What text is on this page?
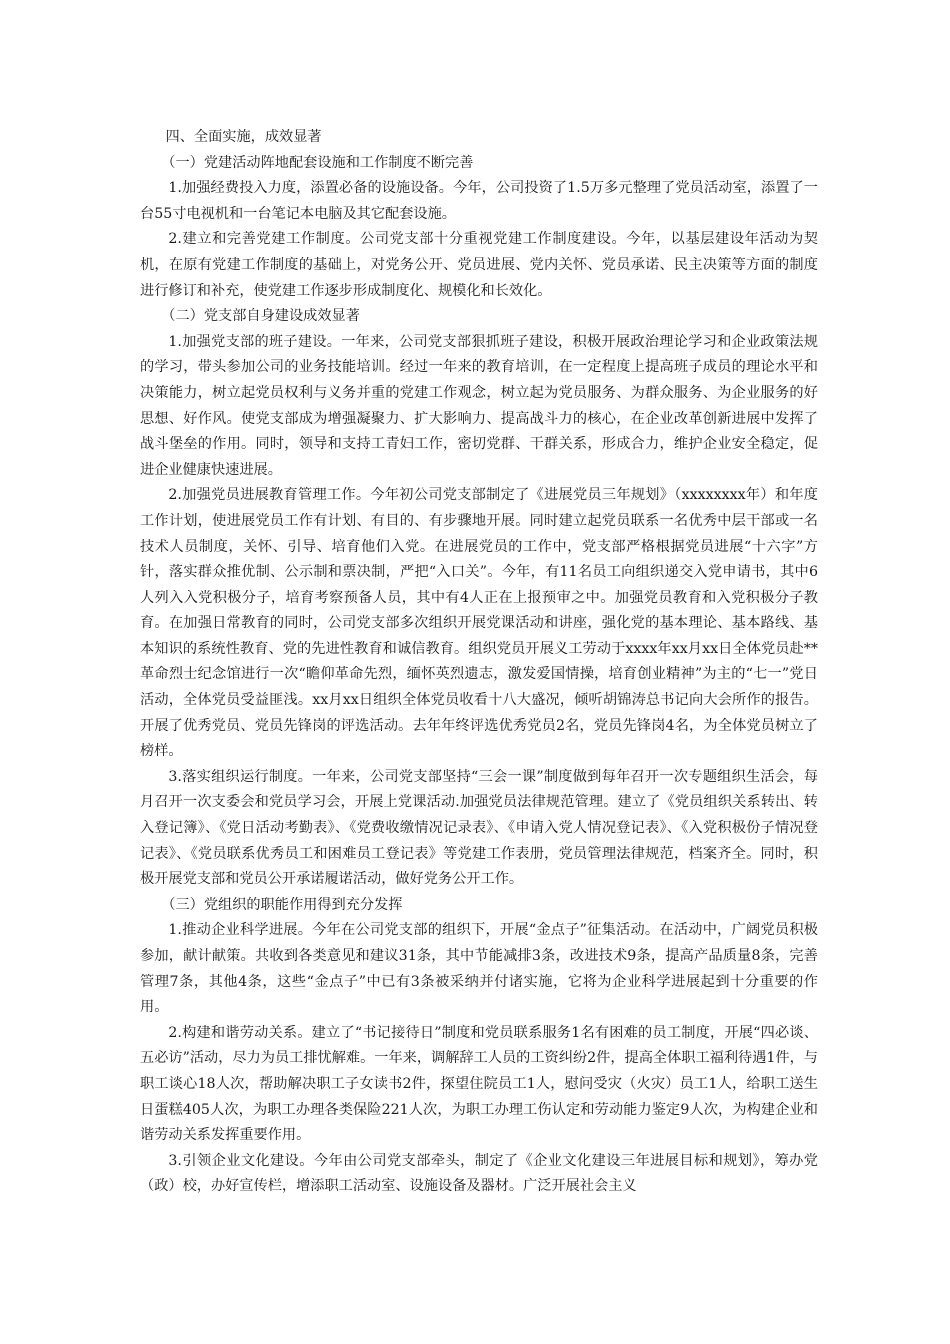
四、全面实施，成效显著

（一）党建活动阵地配套设施和工作制度不断完善

1.加强经费投入力度，添置必备的设施设备。今年，公司投资了1.5万多元整理了党员活动室，添置了一台55寸电视机和一台笔记本电脑及其它配套设施。

2.建立和完善党建工作制度。公司党支部十分重视党建工作制度建设。今年，以基层建设年活动为契机，在原有党建工作制度的基础上，对党务公开、党员进展、党内关怀、党员承诺、民主决策等方面的制度进行修订和补充，使党建工作逐步形成制度化、规模化和长效化。

（二）党支部自身建设成效显著

1.加强党支部的班子建设。一年来，公司党支部狠抓班子建设，积极开展政治理论学习和企业政策法规的学习，带头参加公司的业务技能培训。经过一年来的教育培训，在一定程度上提高班子成员的理论水平和决策能力，树立起党员权利与义务并重的党建工作观念，树立起为党员服务、为群众服务、为企业服务的好思想、好作风。使党支部成为增强凝聚力、扩大影响力、提高战斗力的核心，在企业改革创新进展中发挥了战斗堡垒的作用。同时，领导和支持工青妇工作，密切党群、干群关系，形成合力，维护企业安全稳定，促进企业健康快速进展。

2.加强党员进展教育管理工作。今年初公司党支部制定了《进展党员三年规划》（xxxxxxxx年）和年度工作计划，使进展党员工作有计划、有目的、有步骤地开展。同时建立起党员联系一名优秀中层干部或一名技术人员制度，关怀、引导、培育他们入党。在进展党员的工作中，党支部严格根据党员进展“十六字”方针，落实群众推优制、公示制和票决制，严把“入口关”。今年，有11名员工向组织递交入党申请书，其中6人列入入党积极分子，培育考察预备人员，其中有4人正在上报预审之中。加强党员教育和入党积极分子教育。在加强日常教育的同时，公司党支部多次组织开展党课活动和讲座，强化党的基本理论、基本路线、基本知识的系统性教育、党的先进性教育和诚信教育。组织党员开展义工劳动于xxxx年xx月xx日全体党员赴**革命烈士纪念馆进行一次“瞻仰革命先烈，缅怀英烈遗志，激发爱国情操，培育创业精神”为主的“七一”党日活动，全体党员受益匪浅。xx月xx日组织全体党员收看十八大盛况，倾听胡锦涛总书记向大会所作的报告。开展了优秀党员、党员先锋岗的评选活动。去年年终评选优秀党员2名，党员先锋岗4名，为全体党员树立了榜样。

3.落实组织运行制度。一年来，公司党支部坚持“三会一课”制度做到每年召开一次专题组织生活会，每月召开一次支委会和党员学习会，开展上党课活动.加强党员法律规范管理。建立了《党员组织关系转出、转入登记簿》、《党日活动考勤表》、《党费收缴情况记录表》、《申请入党人情况登记表》、《入党积极份子情况登记表》、《党员联系优秀员工和困难员工登记表》等党建工作表册，党员管理法律规范，档案齐全。同时，积极开展党支部和党员公开承诺履诺活动，做好党务公开工作。

（三）党组织的职能作用得到充分发挥

1.推动企业科学进展。今年在公司党支部的组织下，开展“金点子”征集活动。在活动中，广阔党员积极参加，献计献策。共收到各类意见和建议31条，其中节能减排3条，改进技术9条，提高产品质量8条，完善管理7条，其他4条，这些“金点子”中已有3条被采纳并付诸实施，它将为企业科学进展起到十分重要的作用。

2.构建和谐劳动关系。建立了“书记接待日”制度和党员联系服务1名有困难的员工制度，开展“四必谈、五必访”活动，尽力为员工排忧解难。一年来，调解辞工人员的工资纠纷2件，提高全体职工福利待遇1件，与职工谈心18人次，帮助解决职工子女读书2件，探望住院员工1人，慰问受灾（火灾）员工1人，给职工送生日蛋糕405人次，为职工办理各类保险221人次，为职工办理工伤认定和劳动能力鉴定9人次，为构建企业和谐劳动关系发挥重要作用。

3.引领企业文化建设。今年由公司党支部牵头，制定了《企业文化建设三年进展目标和规划》，筹办党（政）校，办好宣传栏，增添职工活动室、设施设备及器材。广泛开展社会主义
